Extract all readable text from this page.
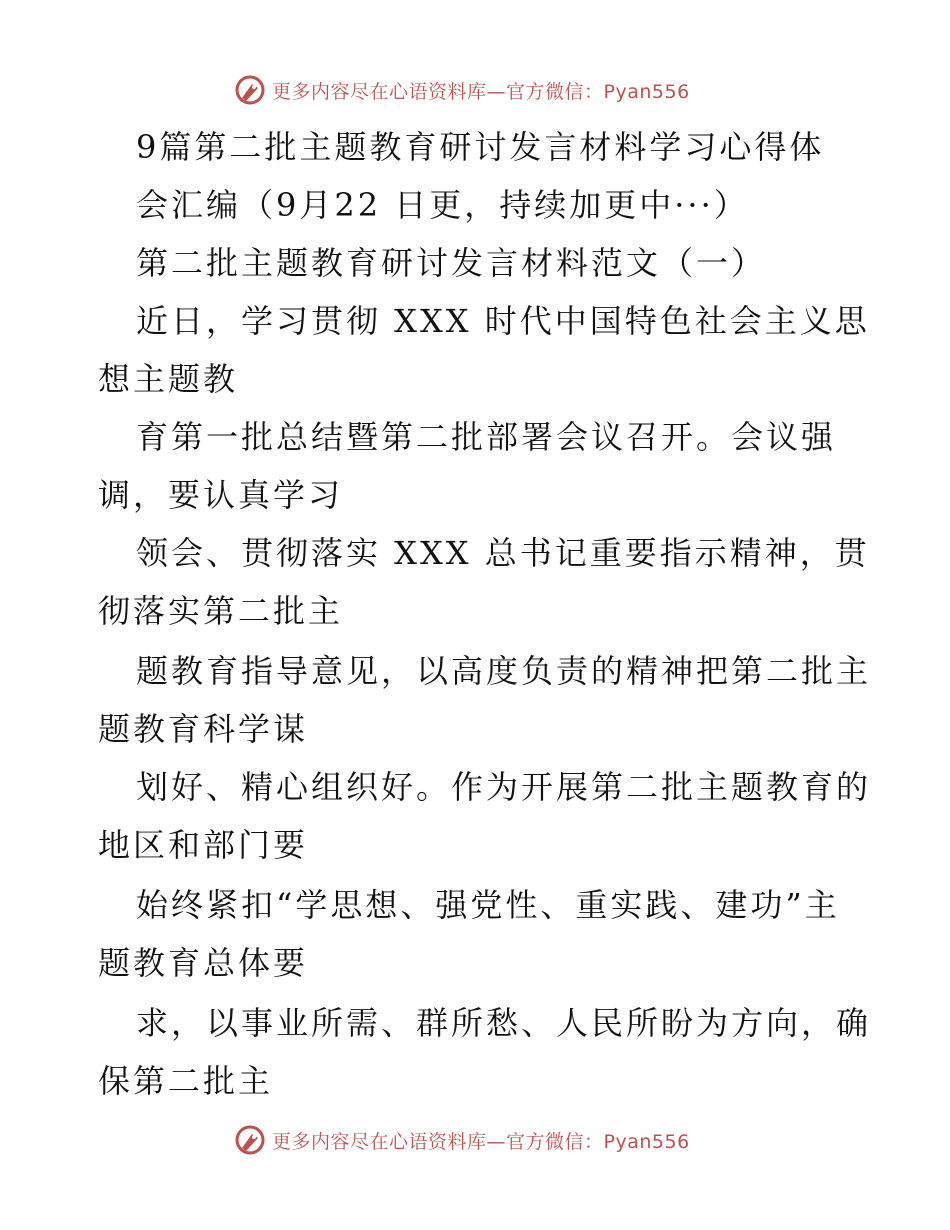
更多内容尽在心语资料库—官方微信：Pyan556
9篇第二批主题教育研讨发言材料学习心得体
会汇编（9月22 日更，持续加更中···）
第二批主题教育研讨发言材料范文（一）
近日，学习贯彻 XXX 时代中国特色社会主义思
想主题教
育第一批总结暨第二批部署会议召开。会议强
调，要认真学习
领会、贯彻落实 XXX 总书记重要指示精神，贯
彻落实第二批主
题教育指导意见，以高度负责的精神把第二批主
题教育科学谋
划好、精心组织好。作为开展第二批主题教育的
地区和部门要
始终紧扣“学思想、强党性、重实践、建功”主
题教育总体要
求，以事业所需、群所愁、人民所盼为方向，确
保第二批主
更多内容尽在心语资料库—官方微信：Pyan556
